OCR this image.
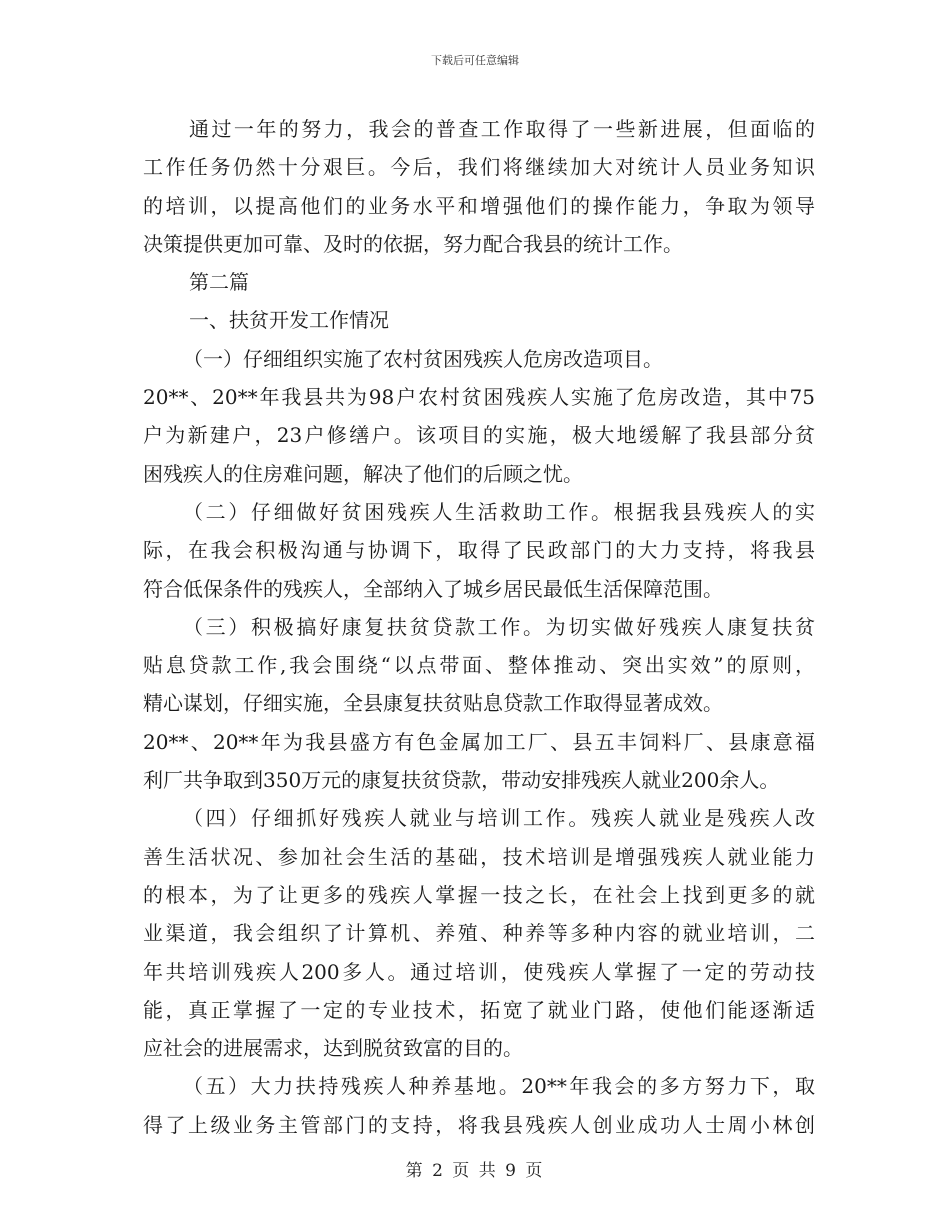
下载后可任意编辑
通过一年的努力，我会的普查工作取得了一些新进展，但面临的
工作任务仍然十分艰巨。今后，我们将继续加大对统计人员业务知识
的培训，以提高他们的业务水平和增强他们的操作能力，争取为领导
决策提供更加可靠、及时的依据，努力配合我县的统计工作。
第二篇
一、扶贫开发工作情况
（一）仔细组织实施了农村贫困残疾人危房改造项目。
20**、20**年我县共为98户农村贫困残疾人实施了危房改造，其中75
户为新建户，23户修缮户。该项目的实施，极大地缓解了我县部分贫
困残疾人的住房难问题，解决了他们的后顾之忧。
（二）仔细做好贫困残疾人生活救助工作。根据我县残疾人的实
际，在我会积极沟通与协调下，取得了民政部门的大力支持，将我县
符合低保条件的残疾人，全部纳入了城乡居民最低生活保障范围。
（三）积极搞好康复扶贫贷款工作。为切实做好残疾人康复扶贫
贴息贷款工作,我会围绕“以点带面、整体推动、突出实效”的原则，
精心谋划，仔细实施，全县康复扶贫贴息贷款工作取得显著成效。
20**、20**年为我县盛方有色金属加工厂、县五丰饲料厂、县康意福
利厂共争取到350万元的康复扶贫贷款，带动安排残疾人就业200余人。
（四）仔细抓好残疾人就业与培训工作。残疾人就业是残疾人改
善生活状况、参加社会生活的基础，技术培训是增强残疾人就业能力
的根本，为了让更多的残疾人掌握一技之长，在社会上找到更多的就
业渠道，我会组织了计算机、养殖、种养等多种内容的就业培训，二
年共培训残疾人200多人。通过培训，使残疾人掌握了一定的劳动技
能，真正掌握了一定的专业技术，拓宽了就业门路，使他们能逐渐适
应社会的进展需求，达到脱贫致富的目的。
（五）大力扶持残疾人种养基地。20**年我会的多方努力下，取
得了上级业务主管部门的支持，将我县残疾人创业成功人士周小林创
第 2 页 共 9 页
